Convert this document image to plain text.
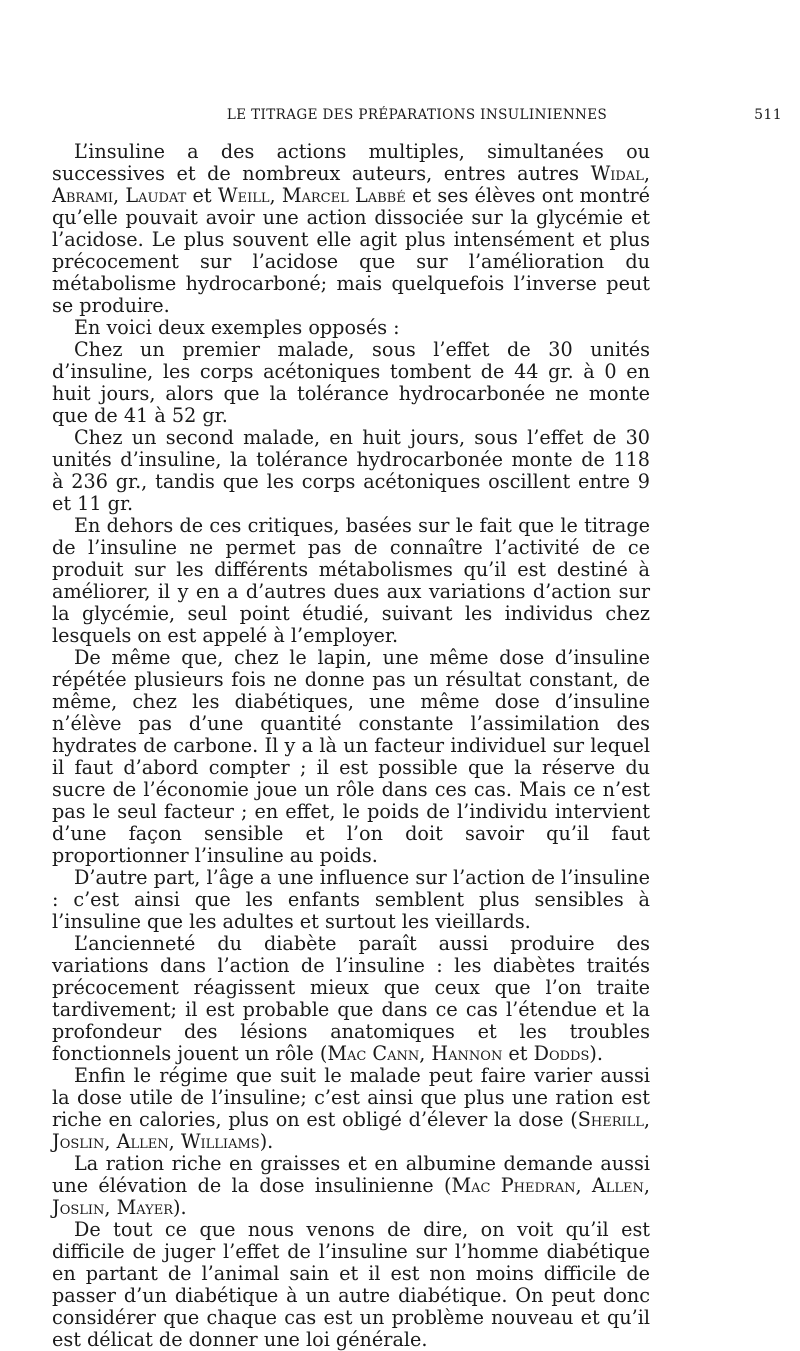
LE TITRAGE DES PRÉPARATIONS INSULINIENNES	511

L’insuline a des actions multiples, simultanées ou successives et de nombreux auteurs, entres autres Widal, Abrami, Laudat et Weill, Marcel Labbé et ses élèves ont montré qu’elle pouvait avoir une action dissociée sur la glycémie et l’acidose. Le plus souvent elle agit plus intensément et plus précocement sur l’acidose que sur l’amélioration du métabolisme hydrocarboné; mais quelquefois l’inverse peut se produire.

En voici deux exemples opposés :

Chez un premier malade, sous l’effet de 30 unités d’insuline, les corps acétoniques tombent de 44 gr. à 0 en huit jours, alors que la tolérance hydrocarbonée ne monte que de 41 à 52 gr.

Chez un second malade, en huit jours, sous l’effet de 30 unités d’insuline, la tolérance hydrocarbonée monte de 118 à 236 gr., tandis que les corps acétoniques oscillent entre 9 et 11 gr.

En dehors de ces critiques, basées sur le fait que le titrage de l’insuline ne permet pas de connaître l’activité de ce produit sur les différents métabolismes qu’il est destiné à améliorer, il y en a d’autres dues aux variations d’action sur la glycémie, seul point étudié, suivant les individus chez lesquels on est appelé à l’employer.

De même que, chez le lapin, une même dose d’insuline répétée plusieurs fois ne donne pas un résultat constant, de même, chez les diabétiques, une même dose d’insuline n’élève pas d’une quantité constante l’assimilation des hydrates de carbone. Il y a là un facteur individuel sur lequel il faut d’abord compter ; il est possible que la réserve du sucre de l’économie joue un rôle dans ces cas. Mais ce n’est pas le seul facteur ; en effet, le poids de l’individu intervient d’une façon sensible et l’on doit savoir qu’il faut proportionner l’insuline au poids.

D’autre part, l’âge a une influence sur l’action de l’insuline : c’est ainsi que les enfants semblent plus sensibles à l’insuline que les adultes et surtout les vieillards.

L’ancienneté du diabète paraît aussi produire des variations dans l’action de l’insuline : les diabètes traités précocement réagissent mieux que ceux que l’on traite tardivement; il est probable que dans ce cas l’étendue et la profondeur des lésions anatomiques et les troubles fonctionnels jouent un rôle (Mac Cann, Hannon et Dodds).

Enfin le régime que suit le malade peut faire varier aussi la dose utile de l’insuline; c’est ainsi que plus une ration est riche en calories, plus on est obligé d’élever la dose (Sherill, Joslin, Allen, Williams).

La ration riche en graisses et en albumine demande aussi une élévation de la dose insulinienne (Mac Phedran, Allen, Joslin, Mayer).

De tout ce que nous venons de dire, on voit qu’il est difficile de juger l’effet de l’insuline sur l’homme diabétique en partant de l’animal sain et il est non moins difficile de passer d’un diabétique à un autre diabétique. On peut donc considérer que chaque cas est un problème nouveau et qu’il est délicat de donner une loi générale.
